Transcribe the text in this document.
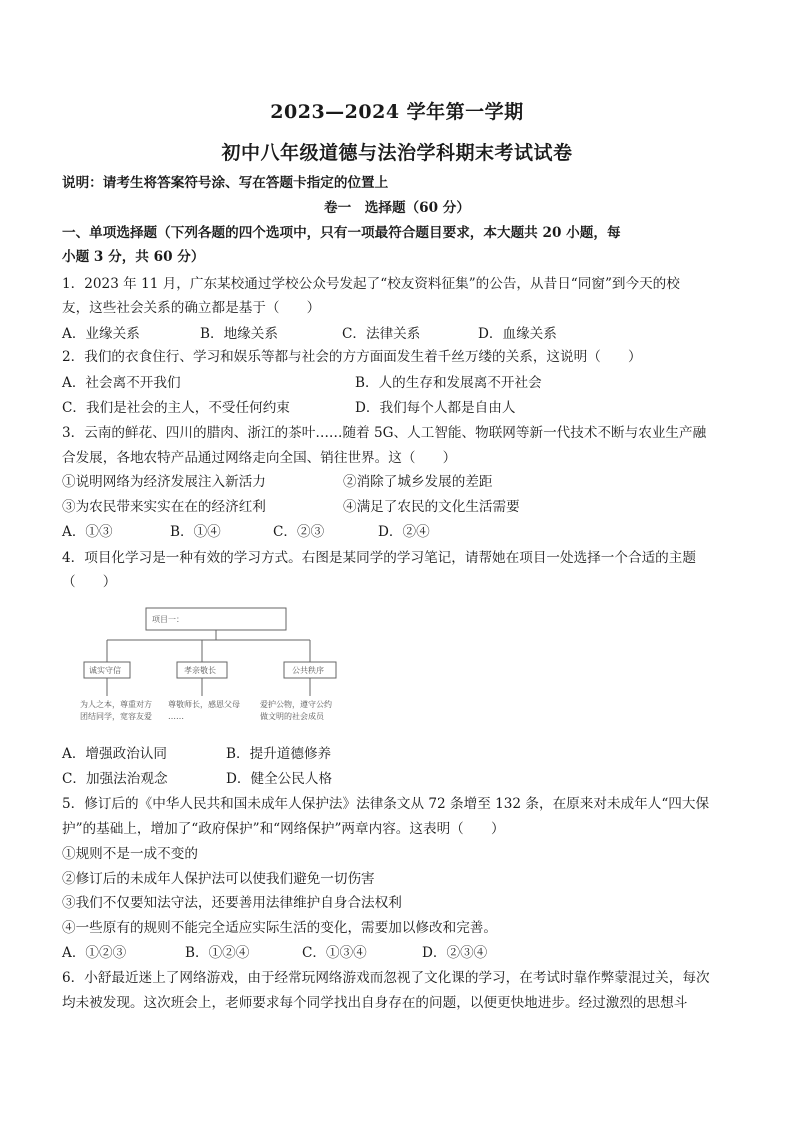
2023—2024 学年第一学期
初中八年级道德与法治学科期末考试试卷
说明：请考生将答案符号涂、写在答题卡指定的位置上
卷一　选择题（60 分）
一、单项选择题（下列各题的四个选项中，只有一项最符合题目要求，本大题共 20 小题，每
小题 3 分，共 60 分）
1．2023 年 11 月，广东某校通过学校公众号发起了“校友资料征集”的公告，从昔日“同窗”到今天的校
友，这些社会关系的确立都是基于（　　）
A．业缘关系	B．地缘关系	C．法律关系	D．血缘关系
2．我们的衣食住行、学习和娱乐等都与社会的方方面面发生着千丝万缕的关系，这说明（　　）
A．社会离不开我们	B．人的生存和发展离不开社会
C．我们是社会的主人，不受任何约束	D．我们每个人都是自由人
3．云南的鲜花、四川的腊肉、浙江的茶叶……随着 5G、人工智能、物联网等新一代技术不断与农业生产融
合发展，各地农特产品通过网络走向全国、销往世界。这（　　）
①说明网络为经济发展注入新活力	②消除了城乡发展的差距
③为农民带来实实在在的经济红利	④满足了农民的文化生活需要
A．①③	B．①④	C．②③	D．②④
4．项目化学习是一种有效的学习方式。右图是某同学的学习笔记，请帮她在项目一处选择一个合适的主题
（　　）
项目一：
诚实守信	孝亲敬长	公共秩序
为人之本，尊重对方
团结同学，宽容友爱
尊敬师长，感恩父母
……
爱护公物，遵守公约
做文明的社会成员
A．增强政治认同	B．提升道德修养
C．加强法治观念	D．健全公民人格
5．修订后的《中华人民共和国未成年人保护法》法律条文从 72 条增至 132 条，在原来对未成年人“四大保
护”的基础上，增加了“政府保护”和“网络保护”两章内容。这表明（　　）
①规则不是一成不变的
②修订后的未成年人保护法可以使我们避免一切伤害
③我们不仅要知法守法，还要善用法律维护自身合法权利
④一些原有的规则不能完全适应实际生活的变化，需要加以修改和完善。
A．①②③	B．①②④	C．①③④	D．②③④
6．小舒最近迷上了网络游戏，由于经常玩网络游戏而忽视了文化课的学习，在考试时靠作弊蒙混过关，每次
均未被发现。这次班会上，老师要求每个同学找出自身存在的问题，以便更快地进步。经过激烈的思想斗
